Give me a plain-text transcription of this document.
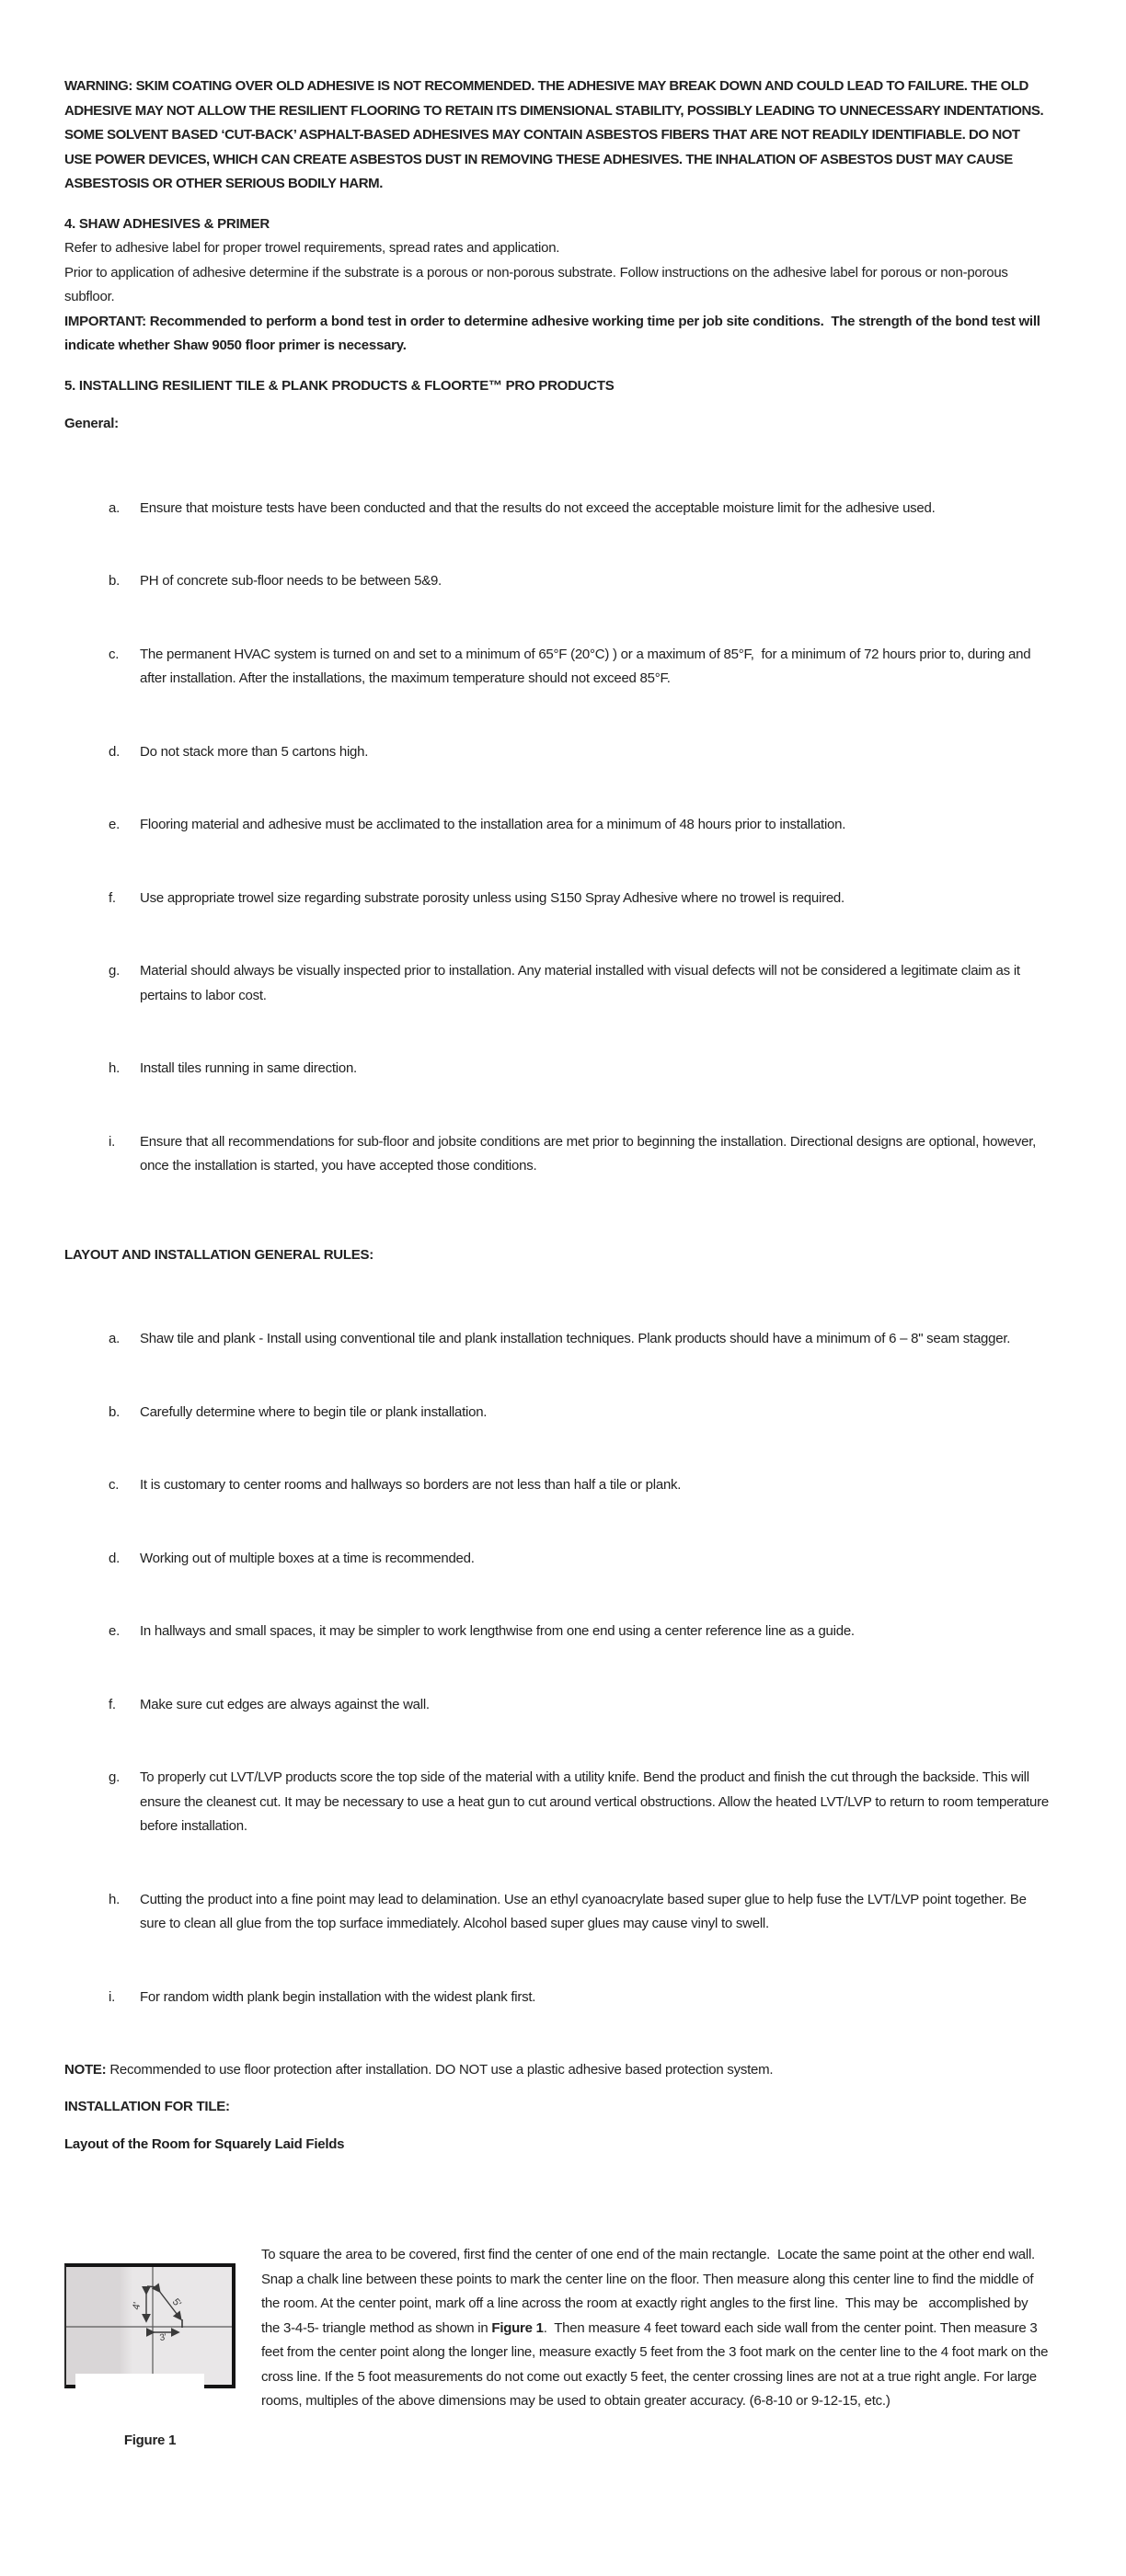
WARNING: SKIM COATING OVER OLD ADHESIVE IS NOT RECOMMENDED. THE ADHESIVE MAY BREAK DOWN AND COULD LEAD TO FAILURE. THE OLD ADHESIVE MAY NOT ALLOW THE RESILIENT FLOORING TO RETAIN ITS DIMENSIONAL STABILITY, POSSIBLY LEADING TO UNNECESSARY INDENTATIONS. SOME SOLVENT BASED ‘CUT-BACK’ ASPHALT-BASED ADHESIVES MAY CONTAIN ASBESTOS FIBERS THAT ARE NOT READILY IDENTIFIABLE. DO NOT USE POWER DEVICES, WHICH CAN CREATE ASBESTOS DUST IN REMOVING THESE ADHESIVES. THE INHALATION OF ASBESTOS DUST MAY CAUSE ASBESTOSIS OR OTHER SERIOUS BODILY HARM.

4. SHAW ADHESIVES & PRIMER

Refer to adhesive label for proper trowel requirements, spread rates and application.

Prior to application of adhesive determine if the substrate is a porous or non-porous substrate. Follow instructions on the adhesive label for porous or non-porous subfloor.

IMPORTANT: Recommended to perform a bond test in order to determine adhesive working time per job site conditions.  The strength of the bond test will indicate whether Shaw 9050 floor primer is necessary.

5. INSTALLING RESILIENT TILE & PLANK PRODUCTS & FLOORTE™ PRO PRODUCTS
General:

a.	Ensure that moisture tests have been conducted and that the results do not exceed the acceptable moisture limit for the adhesive used.

b.	PH of concrete sub-floor needs to be between 5&9.

c.	The permanent HVAC system is turned on and set to a minimum of 65°F (20°C) ) or a maximum of 85°F,  for a minimum of 72 hours prior to, during and after installation. After the installations, the maximum temperature should not exceed 85°F.

d.	Do not stack more than 5 cartons high.

e.	Flooring material and adhesive must be acclimated to the installation area for a minimum of 48 hours prior to installation.

f.	Use appropriate trowel size regarding substrate porosity unless using S150 Spray Adhesive where no trowel is required.

g.	Material should always be visually inspected prior to installation. Any material installed with visual defects will not be considered a legitimate claim as it pertains to labor cost.

h.	Install tiles running in same direction.

i.	Ensure that all recommendations for sub-floor and jobsite conditions are met prior to beginning the installation. Directional designs are optional, however, once the installation is started, you have accepted those conditions.

LAYOUT AND INSTALLATION GENERAL RULES:

a.	Shaw tile and plank - Install using conventional tile and plank installation techniques. Plank products should have a minimum of 6 – 8" seam stagger.

b.	Carefully determine where to begin tile or plank installation.

c.	It is customary to center rooms and hallways so borders are not less than half a tile or plank.

d.	Working out of multiple boxes at a time is recommended.

e.	In hallways and small spaces, it may be simpler to work lengthwise from one end using a center reference line as a guide.

f.	Make sure cut edges are always against the wall.

g.	To properly cut LVT/LVP products score the top side of the material with a utility knife. Bend the product and finish the cut through the backside. This will ensure the cleanest cut. It may be necessary to use a heat gun to cut around vertical obstructions. Allow the heated LVT/LVP to return to room temperature before installation.

h.	Cutting the product into a fine point may lead to delamination. Use an ethyl cyanoacrylate based super glue to help fuse the LVT/LVP point together. Be sure to clean all glue from the top surface immediately. Alcohol based super glues may cause vinyl to swell.

i.	For random width plank begin installation with the widest plank first.

NOTE: Recommended to use floor protection after installation. DO NOT use a plastic adhesive based protection system.

INSTALLATION FOR TILE:
Layout of the Room for Squarely Laid Fields

4'	5'
3'

Figure 1

To square the area to be covered, first find the center of one end of the main rectangle.  Locate the same point at the other end wall. Snap a chalk line between these points to mark the center line on the floor. Then measure along this center line to find the middle of the room. At the center point, mark off a line across the room at exactly right angles to the first line.  This may be   accomplished by the 3-4-5- triangle method as shown in Figure 1.  Then measure 4 feet toward each side wall from the center point. Then measure 3 feet from the center point along the longer line, measure exactly 5 feet from the 3 foot mark on the center line to the 4 foot mark on the cross line. If the 5 foot measurements do not come out exactly 5 feet, the center crossing lines are not at a true right angle. For large rooms, multiples of the above dimensions may be used to obtain greater accuracy. (6-8-10 or 9-12-15, etc.)
